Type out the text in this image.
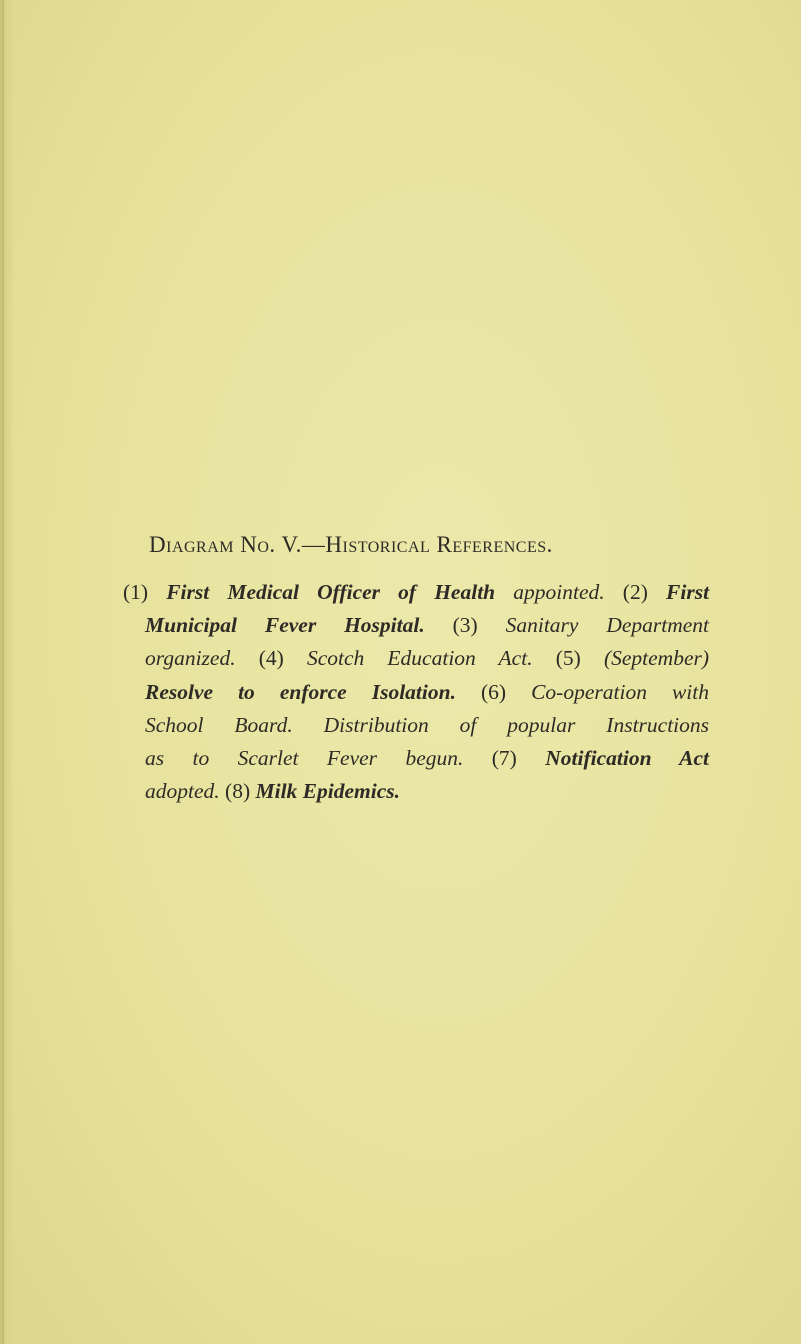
Diagram No. V.—Historical References.
(1) First Medical Officer of Health appointed. (2) First
Municipal Fever Hospital. (3) Sanitary Department
organized. (4) Scotch Education Act. (5) (September)
Resolve to enforce Isolation. (6) Co-operation with
School Board. Distribution of popular Instructions
as to Scarlet Fever begun. (7) Notification Act
adopted. (8) Milk Epidemics.
